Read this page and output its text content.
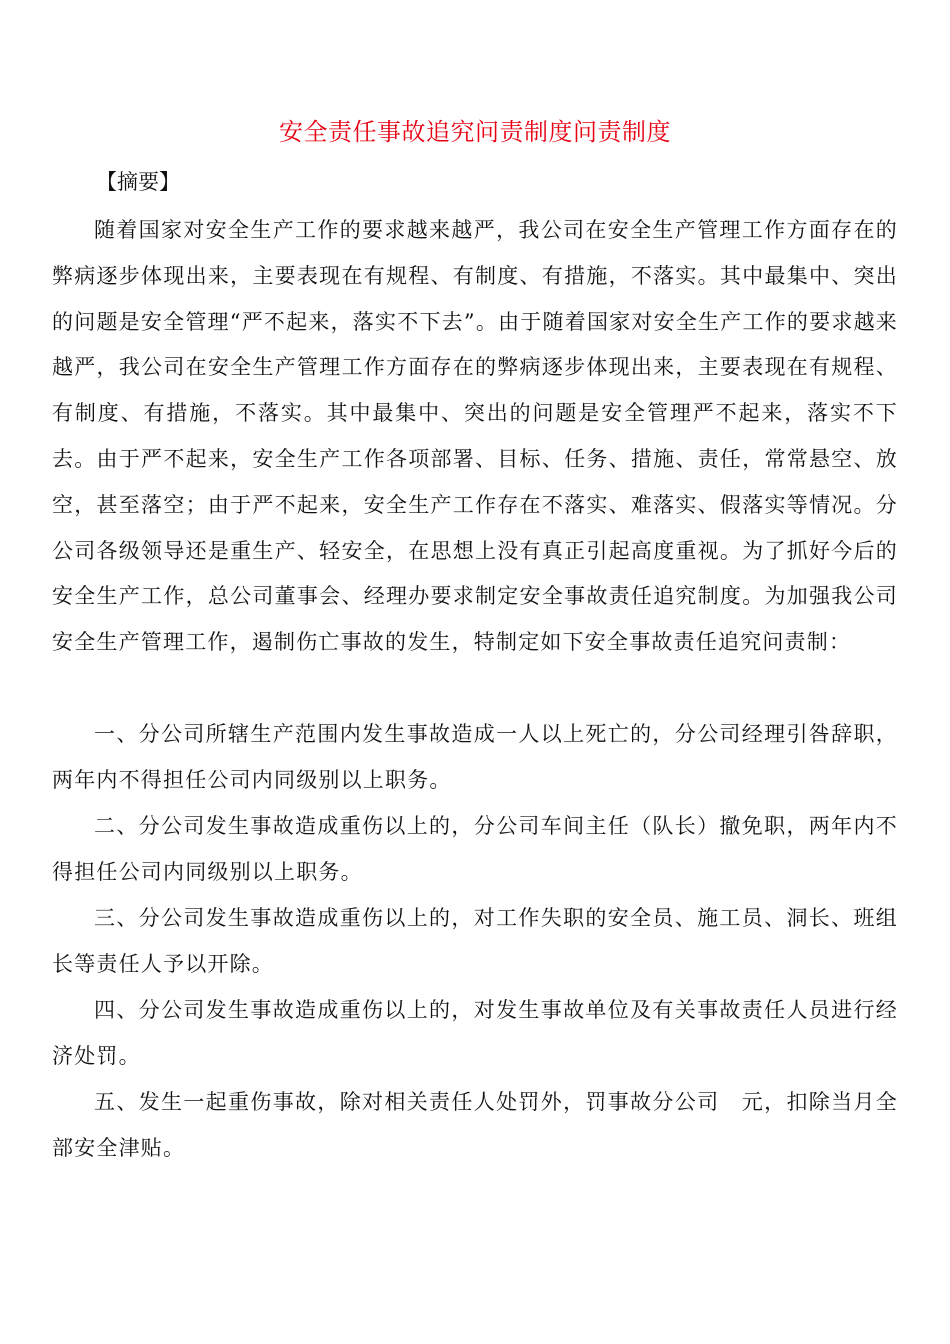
安全责任事故追究问责制度问责制度
【摘要】

随着国家对安全生产工作的要求越来越严，我公司在安全生产管理工作方面存在的弊病逐步体现出来，主要表现在有规程、有制度、有措施，不落实。其中最集中、突出的问题是安全管理“严不起来，落实不下去”。由于随着国家对安全生产工作的要求越来越严，我公司在安全生产管理工作方面存在的弊病逐步体现出来，主要表现在有规程、有制度、有措施，不落实。其中最集中、突出的问题是安全管理严不起来，落实不下去。由于严不起来，安全生产工作各项部署、目标、任务、措施、责任，常常悬空、放空，甚至落空；由于严不起来，安全生产工作存在不落实、难落实、假落实等情况。分公司各级领导还是重生产、轻安全，在思想上没有真正引起高度重视。为了抓好今后的安全生产工作，总公司董事会、经理办要求制定安全事故责任追究制度。为加强我公司安全生产管理工作，遏制伤亡事故的发生，特制定如下安全事故责任追究问责制：

一、分公司所辖生产范围内发生事故造成一人以上死亡的，分公司经理引咎辞职，两年内不得担任公司内同级别以上职务。

二、分公司发生事故造成重伤以上的，分公司车间主任（队长）撤免职，两年内不得担任公司内同级别以上职务。

三、分公司发生事故造成重伤以上的，对工作失职的安全员、施工员、洞长、班组长等责任人予以开除。

四、分公司发生事故造成重伤以上的，对发生事故单位及有关事故责任人员进行经济处罚。

五、发生一起重伤事故，除对相关责任人处罚外，罚事故分公司　元，扣除当月全部安全津贴。
